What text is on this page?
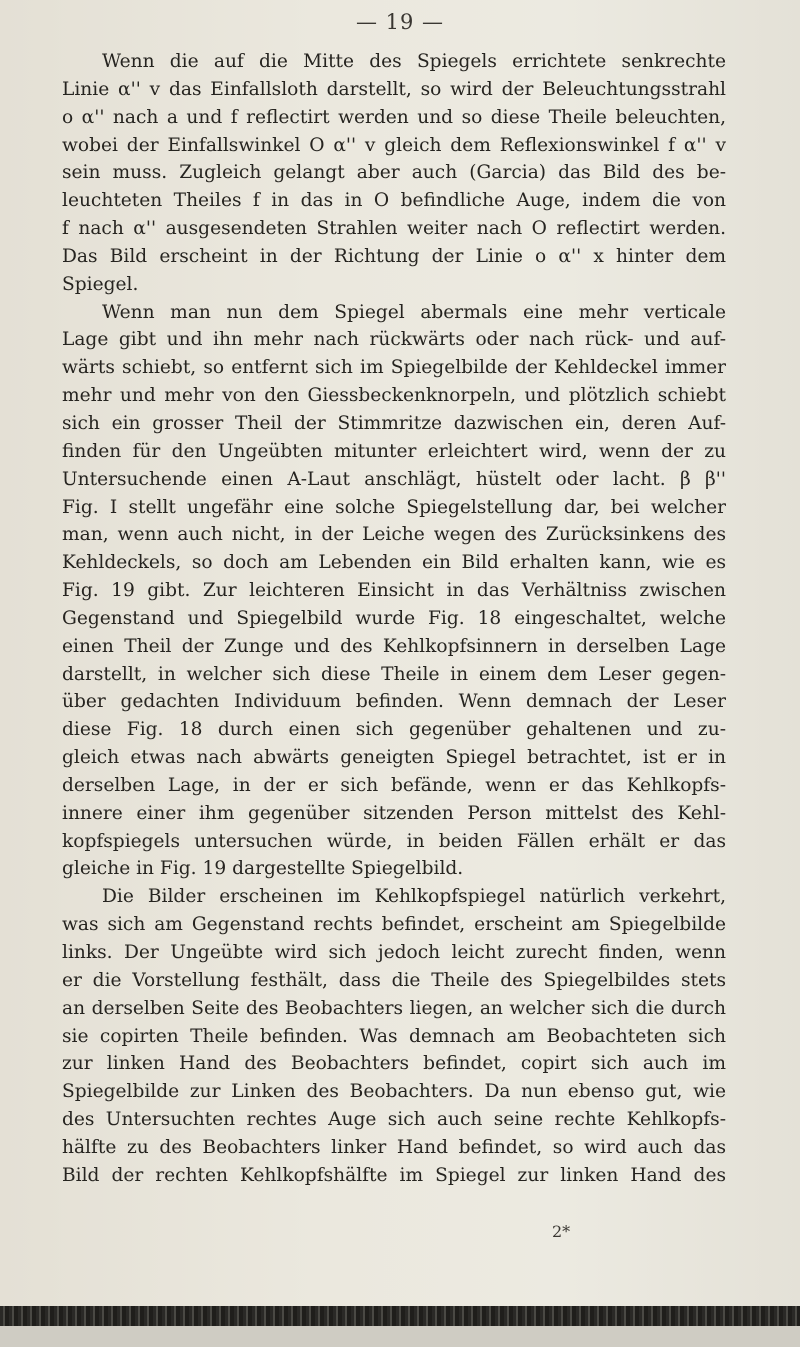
— 19 —
Wenn die auf die Mitte des Spiegels errichtete senkrechte
Linie α'' v das Einfallsloth darstellt, so wird der Beleuchtungsstrahl
o α'' nach a und f reflectirt werden und so diese Theile beleuchten,
wobei der Einfallswinkel O α'' v gleich dem Reflexionswinkel f α'' v
sein muss. Zugleich gelangt aber auch (Garcia) das Bild des be-
leuchteten Theiles f in das in O befindliche Auge, indem die von
f nach α'' ausgesendeten Strahlen weiter nach O reflectirt werden.
Das Bild erscheint in der Richtung der Linie o α'' x hinter dem
Spiegel.
Wenn man nun dem Spiegel abermals eine mehr verticale
Lage gibt und ihn mehr nach rückwärts oder nach rück- und auf-
wärts schiebt, so entfernt sich im Spiegelbilde der Kehldeckel immer
mehr und mehr von den Giessbeckenknorpeln, und plötzlich schiebt
sich ein grosser Theil der Stimmritze dazwischen ein, deren Auf-
finden für den Ungeübten mitunter erleichtert wird, wenn der zu
Untersuchende einen A-Laut anschlägt, hüstelt oder lacht. β β''
Fig. I stellt ungefähr eine solche Spiegelstellung dar, bei welcher
man, wenn auch nicht, in der Leiche wegen des Zurücksinkens des
Kehldeckels, so doch am Lebenden ein Bild erhalten kann, wie es
Fig. 19 gibt. Zur leichteren Einsicht in das Verhältniss zwischen
Gegenstand und Spiegelbild wurde Fig. 18 eingeschaltet, welche
einen Theil der Zunge und des Kehlkopfsinnern in derselben Lage
darstellt, in welcher sich diese Theile in einem dem Leser gegen-
über gedachten Individuum befinden. Wenn demnach der Leser
diese Fig. 18 durch einen sich gegenüber gehaltenen und zu-
gleich etwas nach abwärts geneigten Spiegel betrachtet, ist er in
derselben Lage, in der er sich befände, wenn er das Kehlkopfs-
innere einer ihm gegenüber sitzenden Person mittelst des Kehl-
kopfspiegels untersuchen würde, in beiden Fällen erhält er das
gleiche in Fig. 19 dargestellte Spiegelbild.
Die Bilder erscheinen im Kehlkopfspiegel natürlich verkehrt,
was sich am Gegenstand rechts befindet, erscheint am Spiegelbilde
links. Der Ungeübte wird sich jedoch leicht zurecht finden, wenn
er die Vorstellung festhält, dass die Theile des Spiegelbildes stets
an derselben Seite des Beobachters liegen, an welcher sich die durch
sie copirten Theile befinden. Was demnach am Beobachteten sich
zur linken Hand des Beobachters befindet, copirt sich auch im
Spiegelbilde zur Linken des Beobachters. Da nun ebenso gut, wie
des Untersuchten rechtes Auge sich auch seine rechte Kehlkopfs-
hälfte zu des Beobachters linker Hand befindet, so wird auch das
Bild der rechten Kehlkopfshälfte im Spiegel zur linken Hand des
2*
